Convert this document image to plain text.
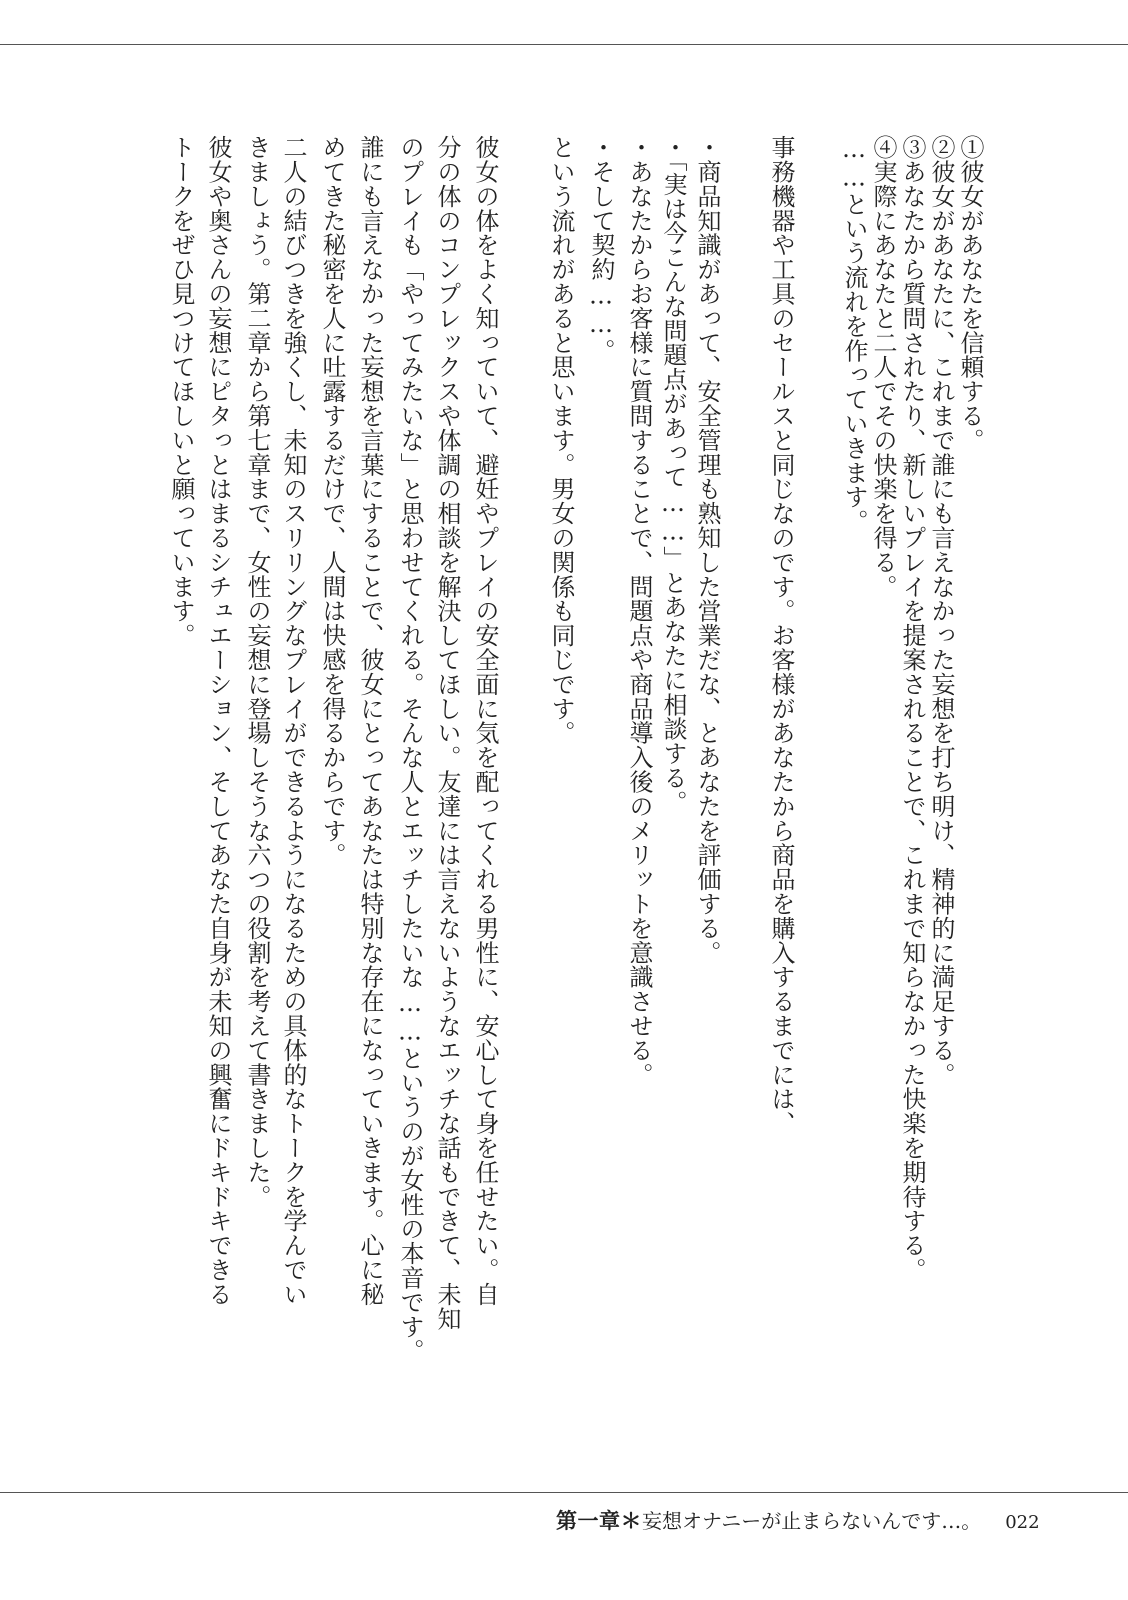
①彼女があなたを信頼する。
②彼女があなたに、これまで誰にも言えなかった妄想を打ち明け、精神的に満足する。
③あなたから質問されたり、新しいプレイを提案されることで、これまで知らなかった快楽を期待する。
④実際にあなたと二人でその快楽を得る。
……という流れを作っていきます。
事務機器や工具のセールスと同じなのです。お客様があなたから商品を購入するまでには、
・商品知識があって、安全管理も熟知した営業だな、とあなたを評価する。
・「実は今こんな問題点があって……」とあなたに相談する。
・あなたからお客様に質問することで、問題点や商品導入後のメリットを意識させる。
・そして契約……。
という流れがあると思います。男女の関係も同じです。
彼女の体をよく知っていて、避妊やプレイの安全面に気を配ってくれる男性に、安心して身を任せたい。自
分の体のコンプレックスや体調の相談を解決してほしい。友達には言えないようなエッチな話もできて、未知
のプレイも「やってみたいな」と思わせてくれる。そんな人とエッチしたいな……というのが女性の本音です。
誰にも言えなかった妄想を言葉にすることで、彼女にとってあなたは特別な存在になっていきます。心に秘
めてきた秘密を人に吐露するだけで、人間は快感を得るからです。
二人の結びつきを強くし、未知のスリリングなプレイができるようになるための具体的なトークを学んでい
きましょう。第二章から第七章まで、女性の妄想に登場しそうな六つの役割を考えて書きました。
彼女や奥さんの妄想にピタっとはまるシチュエーション、そしてあなた自身が未知の興奮にドキドキできる
トークをぜひ見つけてほしいと願っています。
第一章＊ 妄想オナニーが止まらないんです…。 022
